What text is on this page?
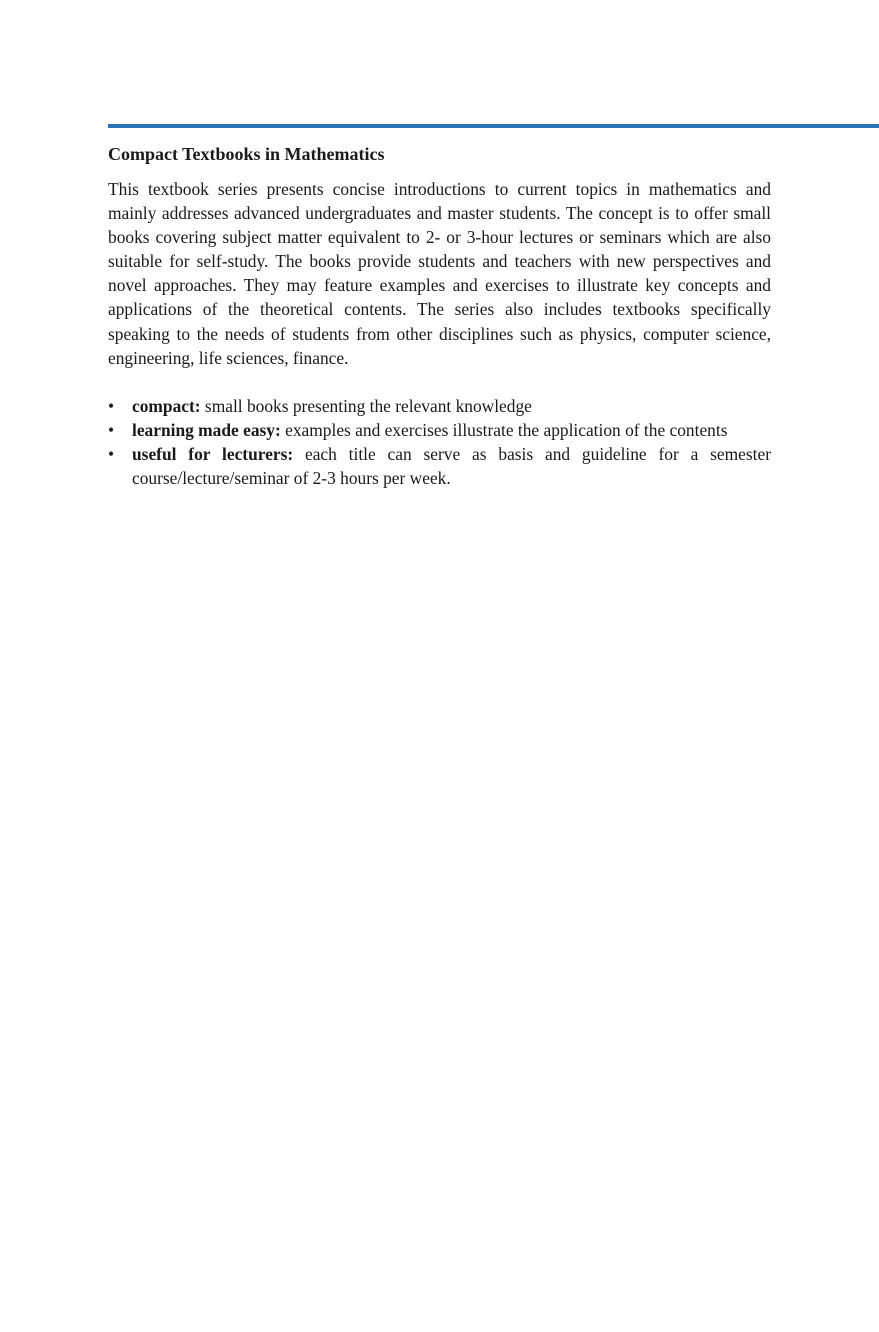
Compact Textbooks in Mathematics

This textbook series presents concise introductions to current topics in mathematics and mainly addresses advanced undergraduates and master students. The concept is to offer small books covering subject matter equivalent to 2- or 3-hour lectures or seminars which are also suitable for self-study. The books provide students and teachers with new perspectives and novel approaches. They may feature examples and exercises to illustrate key concepts and applications of the theoretical contents. The series also includes textbooks specifically speaking to the needs of students from other disciplines such as physics, computer science, engineering, life sciences, finance.

• compact: small books presenting the relevant knowledge
• learning made easy: examples and exercises illustrate the application of the contents
• useful for lecturers: each title can serve as basis and guideline for a semester course/lecture/seminar of 2-3 hours per week.
